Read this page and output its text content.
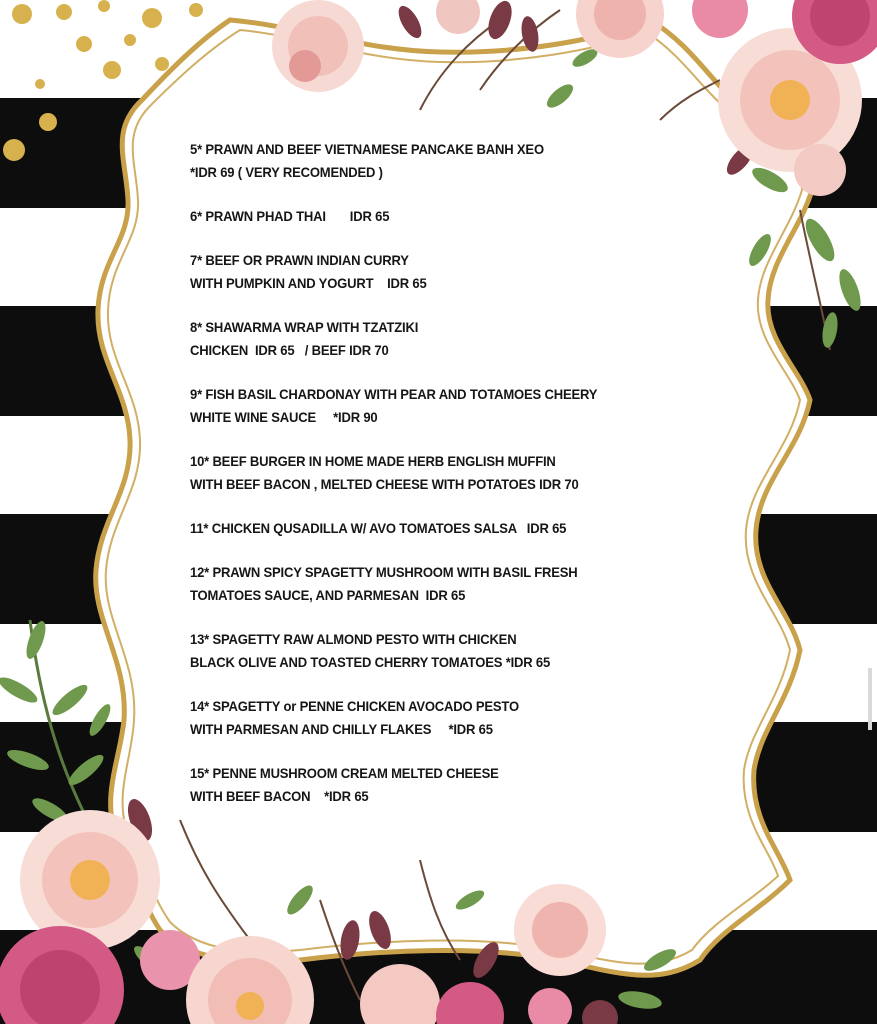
5* PRAWN AND BEEF VIETNAMESE PANCAKE BANH XEO
*IDR 69 ( VERY RECOMENDED )
6* PRAWN PHAD THAI       IDR 65
7* BEEF OR PRAWN INDIAN CURRY
WITH PUMPKIN AND YOGURT    IDR 65
8* SHAWARMA WRAP WITH TZATZIKI
CHICKEN  IDR 65   / BEEF IDR 70
9* FISH BASIL CHARDONAY WITH PEAR AND TOTAMOES CHEERY
WHITE WINE SAUCE     *IDR 90
10* BEEF BURGER IN HOME MADE HERB ENGLISH MUFFIN
WITH BEEF BACON , MELTED CHEESE WITH POTATOES IDR 70
11* CHICKEN QUSADILLA W/ AVO TOMATOES SALSA   IDR 65
12* PRAWN SPICY SPAGETTY MUSHROOM WITH BASIL FRESH
TOMATOES SAUCE, AND PARMESAN  IDR 65
13* SPAGETTY RAW ALMOND PESTO WITH CHICKEN
BLACK OLIVE AND TOASTED CHERRY TOMATOES *IDR 65
14* SPAGETTY or PENNE CHICKEN AVOCADO PESTO
WITH PARMESAN AND CHILLY FLAKES     *IDR 65
15* PENNE MUSHROOM CREAM MELTED CHEESE
WITH BEEF BACON    *IDR 65
